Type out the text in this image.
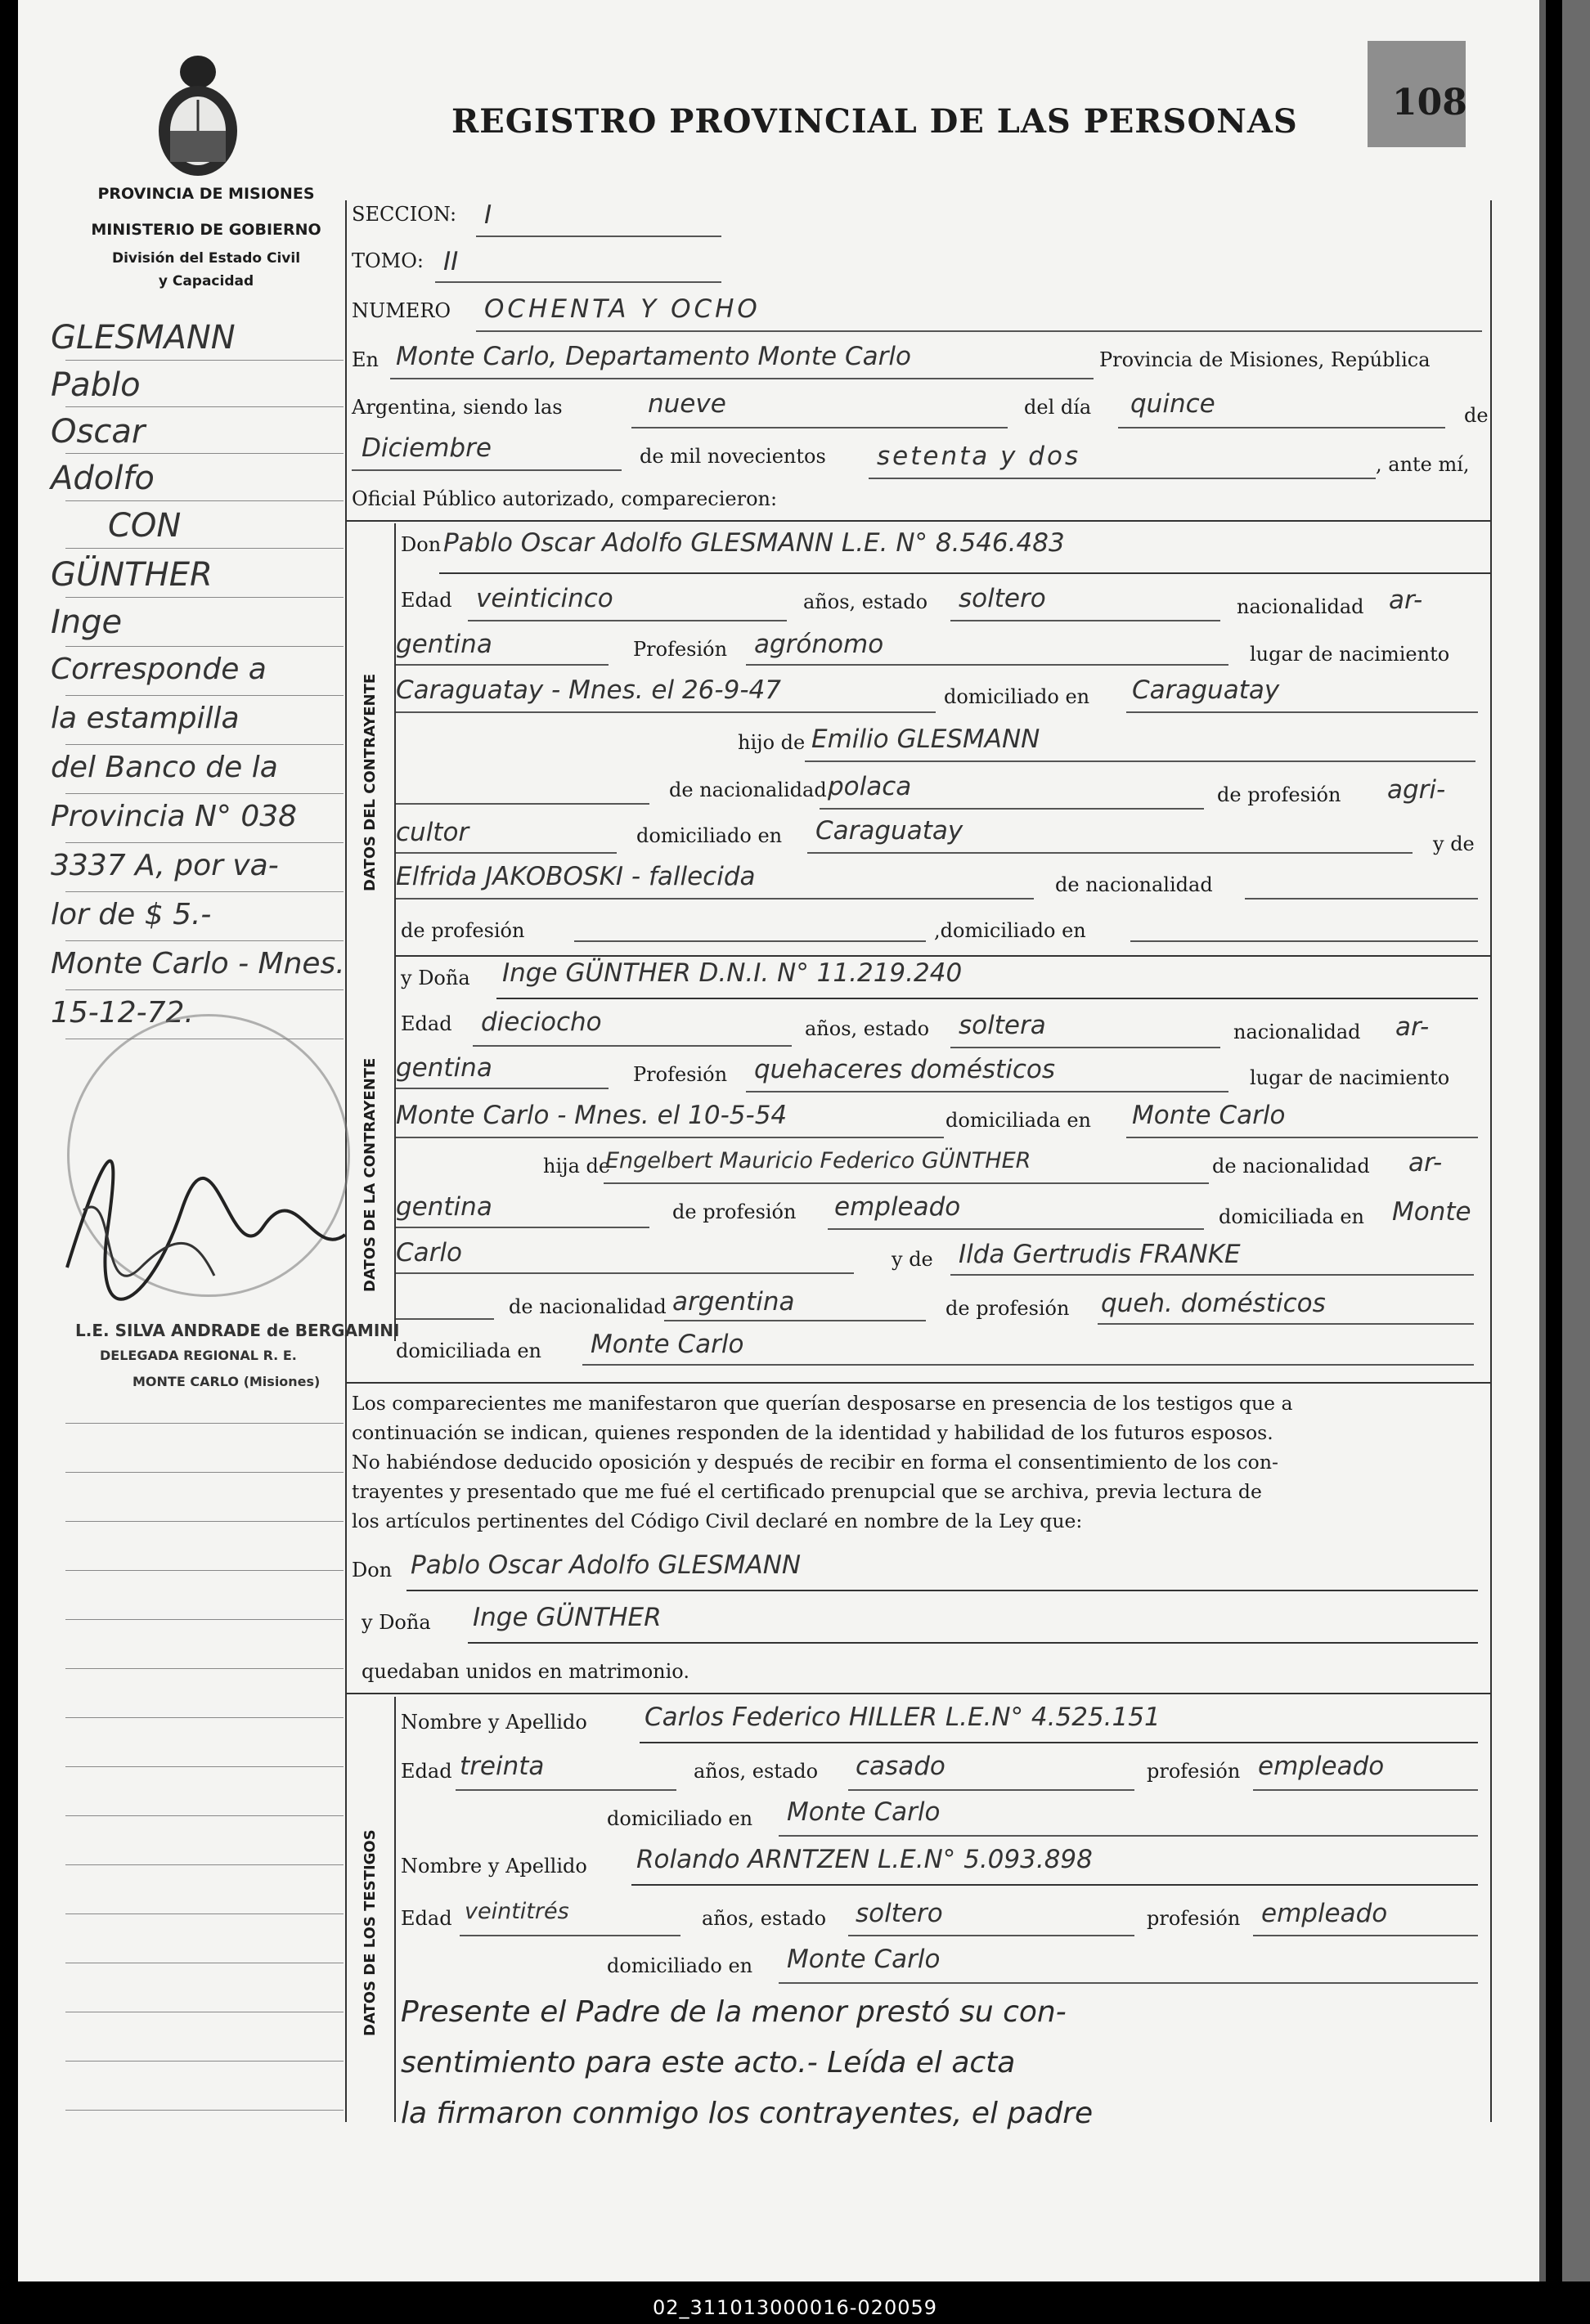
PROVINCIA DE MISIONES
MINISTERIO DE GOBIERNO
División del Estado Civil
y Capacidad
REGISTRO PROVINCIAL DE LAS PERSONAS	108
GLESMANN
Pablo
Oscar
Adolfo
CON
GÜNTHER
Inge
Corresponde a
la estampilla
del Banco de la
Provincia N° 038
3337 A, por va-
lor de $ 5.-
Monte Carlo - Mnes.
15-12-72.
L.E. SILVA ANDRADE de BERGAMINI
DELEGADA REGIONAL R. E.
MONTE CARLO (Misiones)
SECCION: I
TOMO: II
NUMERO OCHENTA Y OCHO
En Monte Carlo, Departamento Monte Carlo	Provincia de Misiones, República
Argentina, siendo las	nueve	del día quince	de
Diciembre	de mil novecientos setenta y dos	, ante mí,
Oficial Público autorizado, comparecieron:
DATOS DEL CONTRAYENTE
DATOS DE LA CONTRAYENTE
DATOS DE LOS TESTIGOS
Don Pablo Oscar Adolfo GLESMANN L.E. N° 8.546.483
Edad veinticinco	años, estado soltero	nacionalidad ar-
gentina	Profesión agrónomo	lugar de nacimiento
Caraguatay - Mnes. el 26-9-47	domiciliado en Caraguatay
hijo de Emilio GLESMANN
de nacionalidad polaca	de profesión agri-
cultor	domiciliado en Caraguatay	y de
Elfrida JAKOBOSKI - fallecida	de nacionalidad
de profesión	,domiciliado en
y Doña Inge GÜNTHER D.N.I. N° 11.219.240
Edad dieciocho	años, estado soltera	nacionalidad ar-
gentina	Profesión quehaceres domésticos	lugar de nacimiento
Monte Carlo - Mnes. el 10-5-54	domiciliada en Monte Carlo
hija de
Engelbert Mauricio Federico GÜNTHER	de nacionalidad ar-
gentina	de profesión empleado	domiciliada en Monte
Carlo	y de Ilda Gertrudis FRANKE
de nacionalidad argentina	de profesión queh. domésticos
domiciliada en Monte Carlo
Los comparecientes me manifestaron que querían desposarse en presencia de los testigos que a
continuación se indican, quienes responden de la identidad y habilidad de los futuros esposos.
No habiéndose deducido oposición y después de recibir en forma el consentimiento de los con-
trayentes y presentado que me fué el certificado prenupcial que se archiva, previa lectura de
los artículos pertinentes del Código Civil declaré en nombre de la Ley que:
Don Pablo Oscar Adolfo GLESMANN
y Doña Inge GÜNTHER
quedaban unidos en matrimonio.
Nombre y Apellido Carlos Federico HILLER L.E.N° 4.525.151
Edad treinta	años, estado casado	profesión empleado
domiciliado en Monte Carlo
Nombre y Apellido Rolando ARNTZEN L.E.N° 5.093.898
Edad veintitrés	años, estado soltero	profesión empleado
domiciliado en Monte Carlo
Presente el Padre de la menor prestó su con-
sentimiento para este acto.- Leída el acta
la firmaron conmigo los contrayentes, el padre
02_311013000016-020059
